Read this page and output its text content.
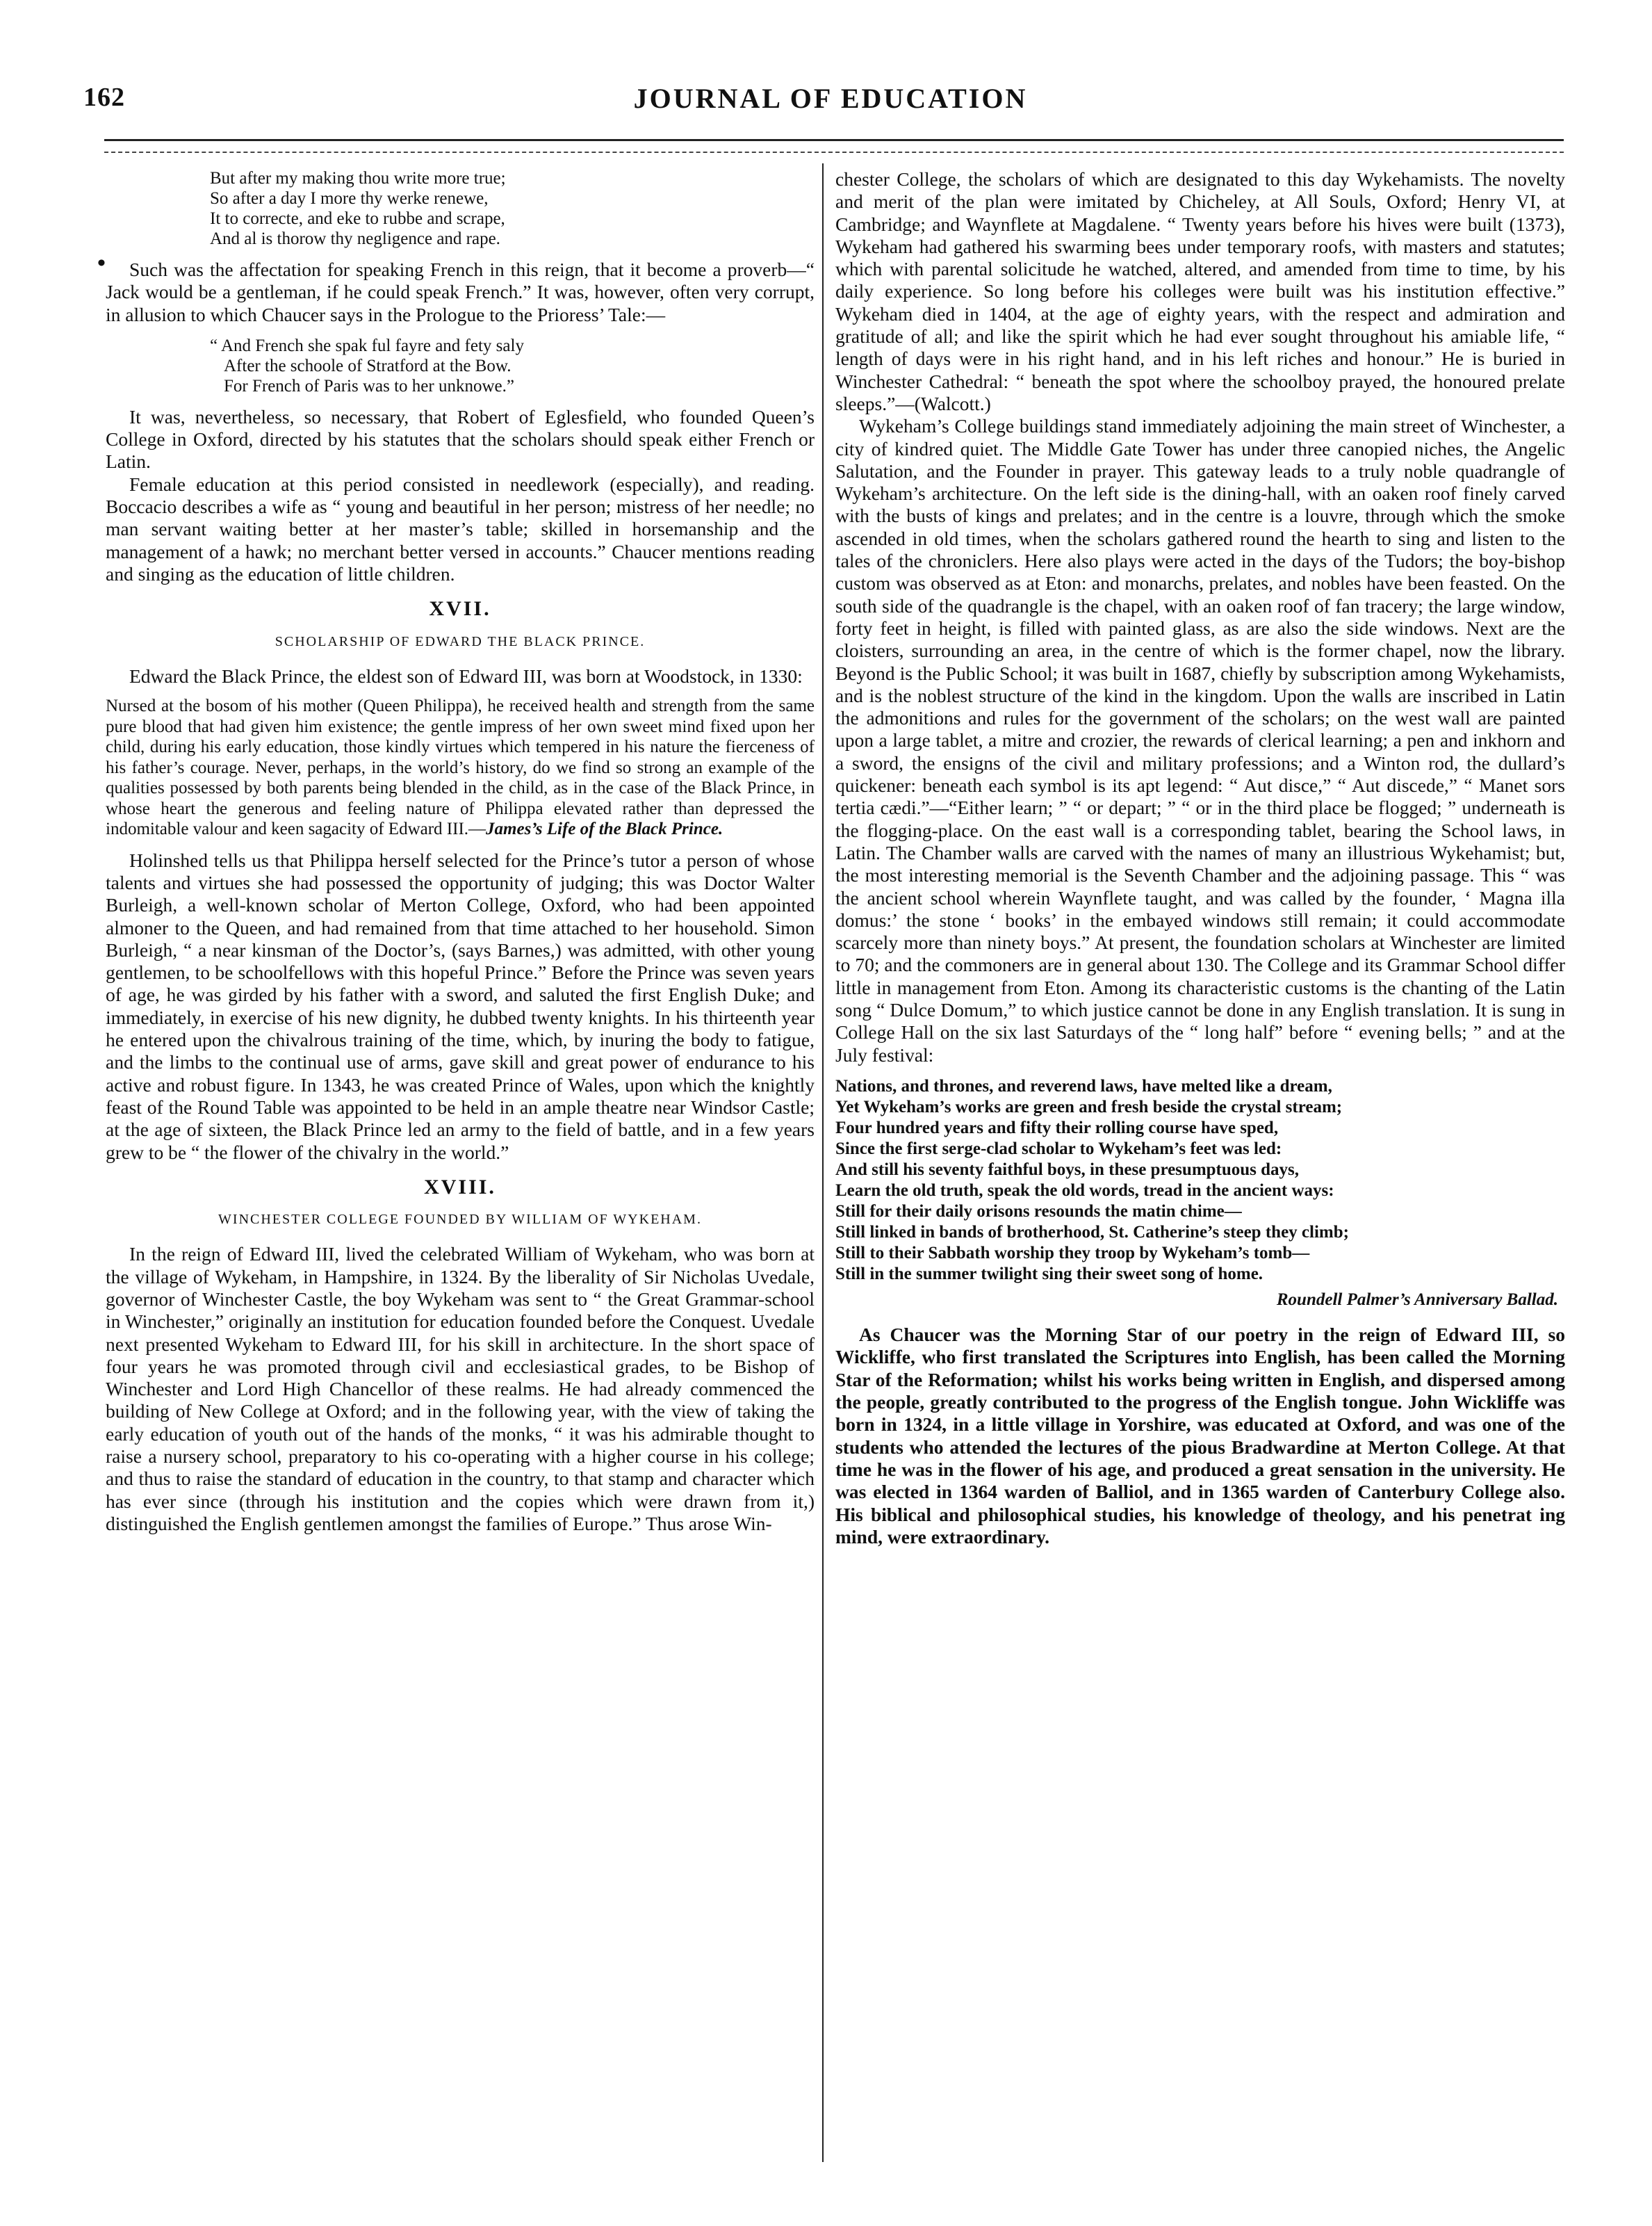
162	JOURNAL OF EDUCATION
•
But after my making thou write more true;
So after a day I more thy werke renewe,
It to correcte, and eke to rubbe and scrape,
And al is thorow thy negligence and rape.

Such was the affectation for speaking French in this reign, that it become a proverb—“ Jack would be a gentleman, if he could speak French.” It was, however, often very corrupt, in allusion to which Chaucer says in the Prologue to the Prioress’ Tale:—

“ And French she spak ful fayre and fety saly
After the schoole of Stratford at the Bow.
For French of Paris was to her unknowe.”

It was, nevertheless, so necessary, that Robert of Eglesfield, who founded Queen’s College in Oxford, directed by his statutes that the scholars should speak either French or Latin.

Female education at this period consisted in needlework (especially), and reading. Boccacio describes a wife as “ young and beautiful in her person; mistress of her needle; no man servant waiting better at her master’s table; skilled in horsemanship and the management of a hawk; no merchant better versed in accounts.” Chaucer mentions reading and singing as the education of little children.

XVII.
SCHOLARSHIP OF EDWARD THE BLACK PRINCE.

Edward the Black Prince, the eldest son of Edward III, was born at Woodstock, in 1330:

Nursed at the bosom of his mother (Queen Philippa), he received health and strength from the same pure blood that had given him existence; the gentle impress of her own sweet mind fixed upon her child, during his early education, those kindly virtues which tempered in his nature the fierceness of his father’s courage. Never, perhaps, in the world’s history, do we find so strong an example of the qualities possessed by both parents being blended in the child, as in the case of the Black Prince, in whose heart the generous and feeling nature of Philippa elevated rather than depressed the indomitable valour and keen sagacity of Edward III.—James’s Life of the Black Prince.

Holinshed tells us that Philippa herself selected for the Prince’s tutor a person of whose talents and virtues she had possessed the opportunity of judging; this was Doctor Walter Burleigh, a well-known scholar of Merton College, Oxford, who had been appointed almoner to the Queen, and had remained from that time attached to her household. Simon Burleigh, “ a near kinsman of the Doctor’s, (says Barnes,) was admitted, with other young gentlemen, to be schoolfellows with this hopeful Prince.” Before the Prince was seven years of age, he was girded by his father with a sword, and saluted the first English Duke; and immediately, in exercise of his new dignity, he dubbed twenty knights. In his thirteenth year he entered upon the chivalrous training of the time, which, by inuring the body to fatigue, and the limbs to the continual use of arms, gave skill and great power of endurance to his active and robust figure. In 1343, he was created Prince of Wales, upon which the knightly feast of the Round Table was appointed to be held in an ample theatre near Windsor Castle; at the age of sixteen, the Black Prince led an army to the field of battle, and in a few years grew to be “ the flower of the chivalry in the world.”

XVIII.
WINCHESTER COLLEGE FOUNDED BY WILLIAM OF WYKEHAM.

In the reign of Edward III, lived the celebrated William of Wykeham, who was born at the village of Wykeham, in Hampshire, in 1324. By the liberality of Sir Nicholas Uvedale, governor of Winchester Castle, the boy Wykeham was sent to “ the Great Grammar-school in Winchester,” originally an institution for education founded before the Conquest. Uvedale next presented Wykeham to Edward III, for his skill in architecture. In the short space of four years he was promoted through civil and ecclesiastical grades, to be Bishop of Winchester and Lord High Chancellor of these realms. He had already commenced the building of New College at Oxford; and in the following year, with the view of taking the early education of youth out of the hands of the monks, “ it was his admirable thought to raise a nursery school, preparatory to his co-operating with a higher course in his college; and thus to raise the standard of education in the country, to that stamp and character which has ever since (through his institution and the copies which were drawn from it,) distinguished the English gentlemen amongst the families of Europe.” Thus arose Win-

chester College, the scholars of which are designated to this day Wykehamists. The novelty and merit of the plan were imitated by Chicheley, at All Souls, Oxford; Henry VI, at Cambridge; and Waynflete at Magdalene. “ Twenty years before his hives were built (1373), Wykeham had gathered his swarming bees under temporary roofs, with masters and statutes; which with parental solicitude he watched, altered, and amended from time to time, by his daily experience. So long before his colleges were built was his institution effective.” Wykeham died in 1404, at the age of eighty years, with the respect and admiration and gratitude of all; and like the spirit which he had ever sought throughout his amiable life, “ length of days were in his right hand, and in his left riches and honour.” He is buried in Winchester Cathedral: “ beneath the spot where the schoolboy prayed, the honoured prelate sleeps.”—(Walcott.)

Wykeham’s College buildings stand immediately adjoining the main street of Winchester, a city of kindred quiet. The Middle Gate Tower has under three canopied niches, the Angelic Salutation, and the Founder in prayer. This gateway leads to a truly noble quadrangle of Wykeham’s architecture. On the left side is the dining-hall, with an oaken roof finely carved with the busts of kings and prelates; and in the centre is a louvre, through which the smoke ascended in old times, when the scholars gathered round the hearth to sing and listen to the tales of the chroniclers. Here also plays were acted in the days of the Tudors; the boy-bishop custom was observed as at Eton: and monarchs, prelates, and nobles have been feasted. On the south side of the quadrangle is the chapel, with an oaken roof of fan tracery; the large window, forty feet in height, is filled with painted glass, as are also the side windows. Next are the cloisters, surrounding an area, in the centre of which is the former chapel, now the library. Beyond is the Public School; it was built in 1687, chiefly by subscription among Wykehamists, and is the noblest structure of the kind in the kingdom. Upon the walls are inscribed in Latin the admonitions and rules for the government of the scholars; on the west wall are painted upon a large tablet, a mitre and crozier, the rewards of clerical learning; a pen and inkhorn and a sword, the ensigns of the civil and military professions; and a Winton rod, the dullard’s quickener: beneath each symbol is its apt legend: “ Aut disce,” “ Aut discede,” “ Manet sors tertia cædi.”—“Either learn; ” “ or depart; ” “ or in the third place be flogged; ” underneath is the flogging-place. On the east wall is a corresponding tablet, bearing the School laws, in Latin. The Chamber walls are carved with the names of many an illustrious Wykehamist; but, the most interesting memorial is the Seventh Chamber and the adjoining passage. This “ was the ancient school wherein Waynflete taught, and was called by the founder, ‘ Magna illa domus:’ the stone ‘ books’ in the embayed windows still remain; it could accommodate scarcely more than ninety boys.” At present, the foundation scholars at Winchester are limited to 70; and the commoners are in general about 130. The College and its Grammar School differ little in management from Eton. Among its characteristic customs is the chanting of the Latin song “ Dulce Domum,” to which justice cannot be done in any English translation. It is sung in College Hall on the six last Saturdays of the “ long half” before “ evening bells; ” and at the July festival:

Nations, and thrones, and reverend laws, have melted like a dream,
Yet Wykeham’s works are green and fresh beside the crystal stream;
Four hundred years and fifty their rolling course have sped,
Since the first serge-clad scholar to Wykeham’s feet was led:
And still his seventy faithful boys, in these presumptuous days,
Learn the old truth, speak the old words, tread in the ancient ways:
Still for their daily orisons resounds the matin chime—
Still linked in bands of brotherhood, St. Catherine’s steep they climb;
Still to their Sabbath worship they troop by Wykeham’s tomb—
Still in the summer twilight sing their sweet song of home.
Roundell Palmer’s Anniversary Ballad.

As Chaucer was the Morning Star of our poetry in the reign of Edward III, so Wickliffe, who first translated the Scriptures into English, has been called the Morning Star of the Reformation; whilst his works being written in English, and dispersed among the people, greatly contributed to the progress of the English tongue. John Wickliffe was born in 1324, in a little village in Yorshire, was educated at Oxford, and was one of the students who attended the lectures of the pious Bradwardine at Merton College. At that time he was in the flower of his age, and produced a great sensation in the university. He was elected in 1364 warden of Balliol, and in 1365 warden of Canterbury College also. His biblical and philosophical studies, his knowledge of theology, and his penetrat ing mind, were extraordinary.
